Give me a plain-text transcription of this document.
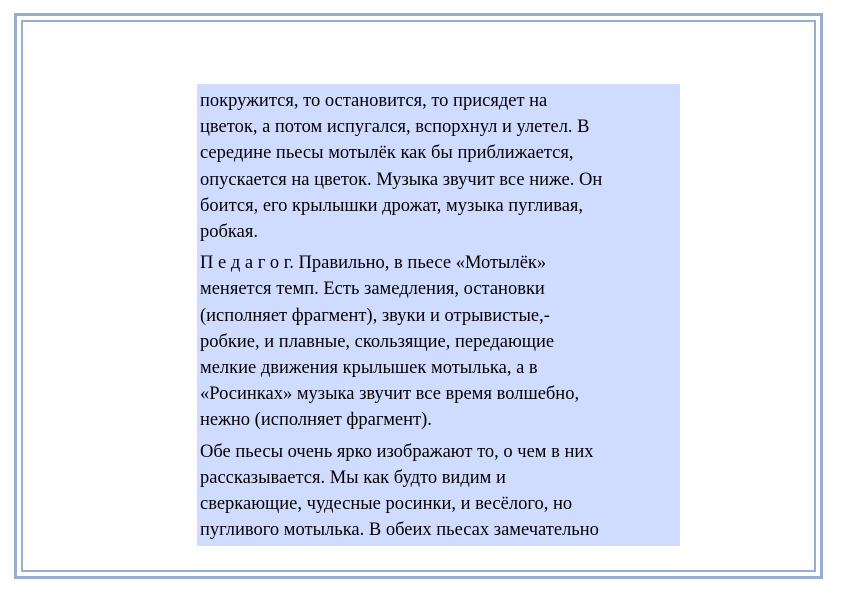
покружится, то остановится, то присядет на
цветок, а потом испугался, вспорхнул и улетел. В
середине пьесы мотылёк как бы приближается,
опускается на цветок. Музыка звучит все ниже. Он
боится, его крылышки дрожат, музыка пугливая,
робкая.
П е д а г о г. Правильно, в пьесе «Мотылёк»
меняется темп. Есть замедления, остановки
(исполняет фрагмент), звуки и отрывистые,-
робкие, и плавные, скользящие, передающие
мелкие движения крылышек мотылька, а в
«Росинках» музыка звучит все время волшебно,
нежно (исполняет фрагмент).
Обе пьесы очень ярко изображают то, о чем в них
рассказывается. Мы как будто видим и
сверкающие, чудесные росинки, и весёлого, но
пугливого мотылька. В обеих пьесах замечательно
